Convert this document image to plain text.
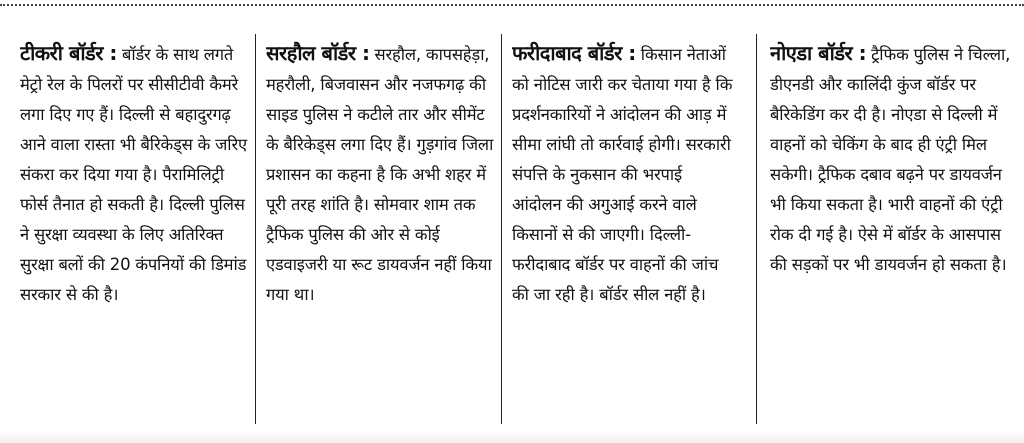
टीकरी बॉर्डर : बॉर्डर के साथ लगते मेट्रो रेल के पिलरों पर सीसीटीवी कैमरे लगा दिए गए हैं। दिल्ली से बहादुरगढ़ आने वाला रास्ता भी बैरिकेड्स के जरिए संकरा कर दिया गया है। पैरामिलिट्री फोर्स तैनात हो सकती है। दिल्ली पुलिस ने सुरक्षा व्यवस्था के लिए अतिरिक्त सुरक्षा बलों की 20 कंपनियों की डिमांड सरकार से की है।

सरहौल बॉर्डर : सरहौल, कापसहेड़ा, महरौली, बिजवासन और नजफगढ़ की साइड पुलिस ने कटीले तार और सीमेंट के बैरिकेड्स लगा दिए हैं। गुड़गांव जिला प्रशासन का कहना है कि अभी शहर में पूरी तरह शांति है। सोमवार शाम तक ट्रैफिक पुलिस की ओर से कोई एडवाइजरी या रूट डायवर्जन नहीं किया गया था।

फरीदाबाद बॉर्डर : किसान नेताओं को नोटिस जारी कर चेताया गया है कि प्रदर्शनकारियों ने आंदोलन की आड़ में सीमा लांघी तो कार्रवाई होगी। सरकारी संपत्ति के नुकसान की भरपाई आंदोलन की अगुआई करने वाले किसानों से की जाएगी। दिल्ली-फरीदाबाद बॉर्डर पर वाहनों की जांच की जा रही है। बॉर्डर सील नहीं है।

नोएडा बॉर्डर : ट्रैफिक पुलिस ने चिल्ला, डीएनडी और कालिंदी कुंज बॉर्डर पर बैरिकेडिंग कर दी है। नोएडा से दिल्ली में वाहनों को चेकिंग के बाद ही एंट्री मिल सकेगी। ट्रैफिक दबाव बढ़ने पर डायवर्जन भी किया सकता है। भारी वाहनों की एंट्री रोक दी गई है। ऐसे में बॉर्डर के आसपास की सड़कों पर भी डायवर्जन हो सकता है।
